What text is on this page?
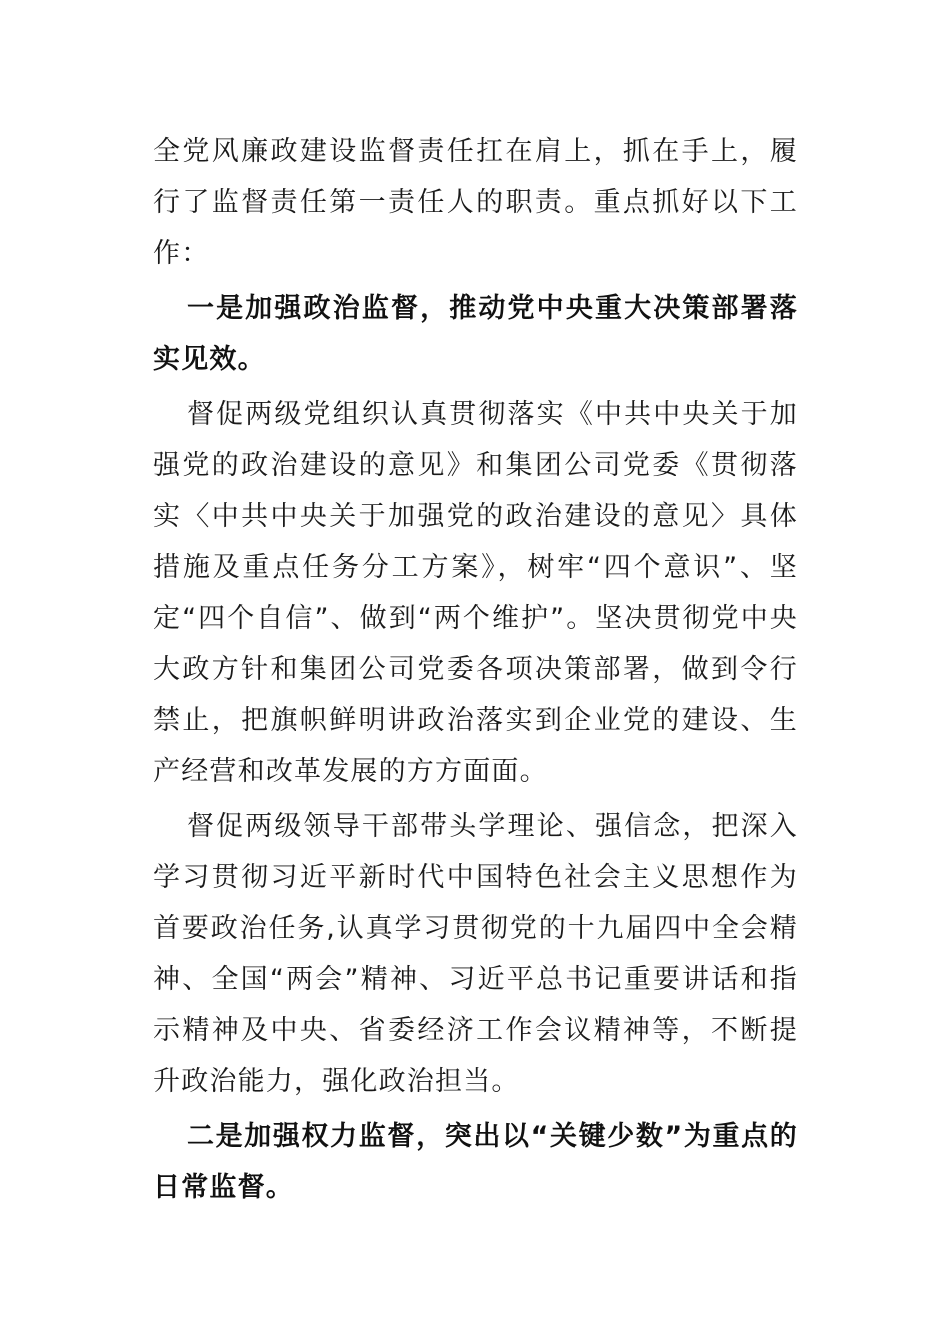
全党风廉政建设监督责任扛在肩上，抓在手上，履行了监督责任第一责任人的职责。重点抓好以下工作：

一是加强政治监督，推动党中央重大决策部署落实见效。

督促两级党组织认真贯彻落实《中共中央关于加强党的政治建设的意见》和集团公司党委《贯彻落实〈中共中央关于加强党的政治建设的意见〉具体措施及重点任务分工方案》，树牢“四个意识”、坚定“四个自信”、做到“两个维护”。坚决贯彻党中央大政方针和集团公司党委各项决策部署，做到令行禁止，把旗帜鲜明讲政治落实到企业党的建设、生产经营和改革发展的方方面面。

督促两级领导干部带头学理论、强信念，把深入学习贯彻习近平新时代中国特色社会主义思想作为首要政治任务,认真学习贯彻党的十九届四中全会精神、全国“两会”精神、习近平总书记重要讲话和指示精神及中央、省委经济工作会议精神等，不断提升政治能力，强化政治担当。

二是加强权力监督，突出以“关键少数”为重点的日常监督。
